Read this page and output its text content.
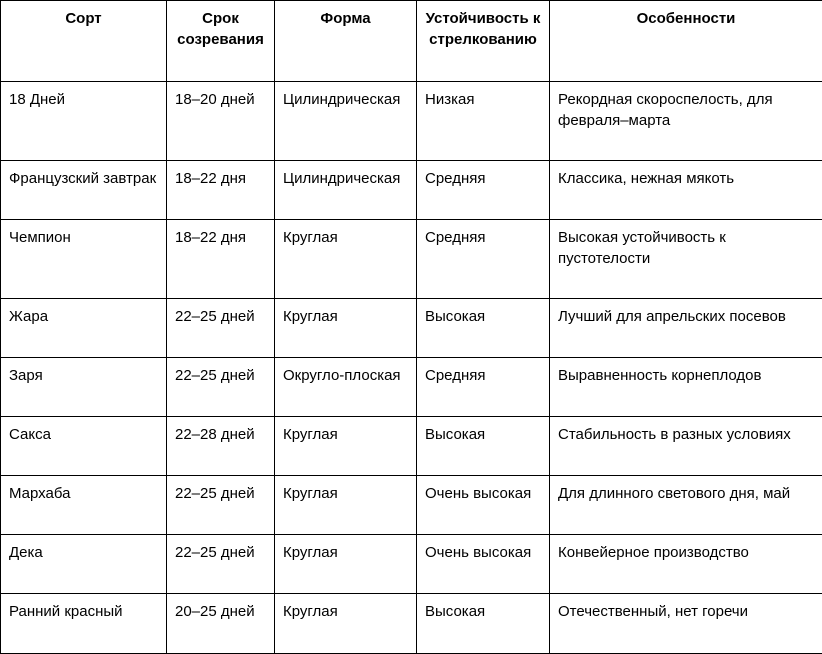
Сорт	Срок созревания	Форма	Устойчивость к стрелкованию	Особенности
18 Дней	18–20 дней	Цилиндрическая	Низкая	Рекордная скороспелость, для февраля–марта
Французский завтрак	18–22 дня	Цилиндрическая	Средняя	Классика, нежная мякоть
Чемпион	18–22 дня	Круглая	Средняя	Высокая устойчивость к пустотелости
Жара	22–25 дней	Круглая	Высокая	Лучший для апрельских посевов
Заря	22–25 дней	Округло-плоская	Средняя	Выравненность корнеплодов
Сакса	22–28 дней	Круглая	Высокая	Стабильность в разных условиях
Мархаба	22–25 дней	Круглая	Очень высокая	Для длинного светового дня, май
Дека	22–25 дней	Круглая	Очень высокая	Конвейерное производство
Ранний красный	20–25 дней	Круглая	Высокая	Отечественный, нет горечи
